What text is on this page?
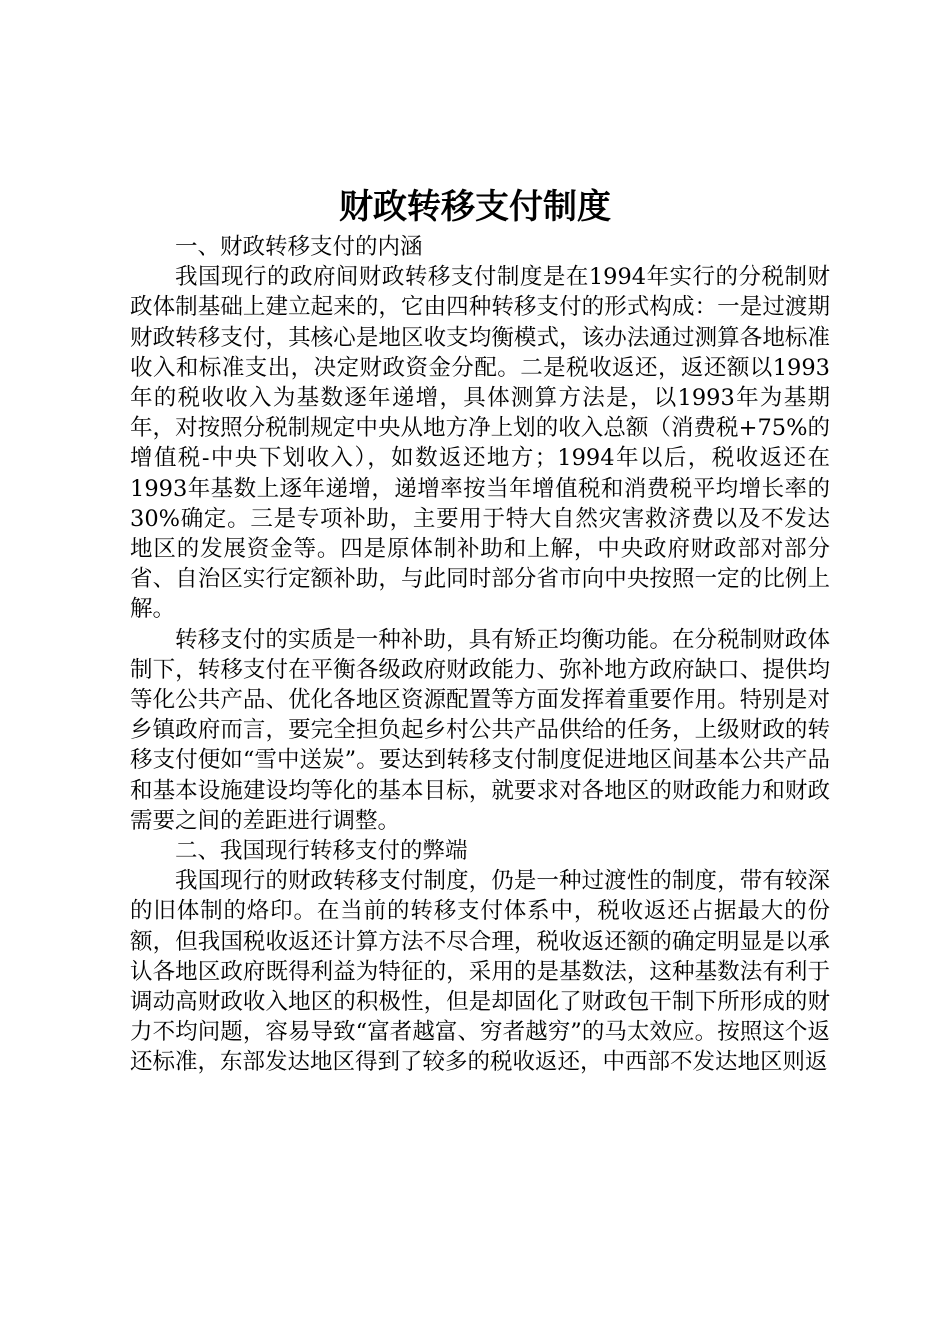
财政转移支付制度

一、财政转移支付的内涵

我国现行的政府间财政转移支付制度是在1994年实行的分税制财政体制基础上建立起来的，它由四种转移支付的形式构成：一是过渡期财政转移支付，其核心是地区收支均衡模式，该办法通过测算各地标准收入和标准支出，决定财政资金分配。二是税收返还，返还额以1993年的税收收入为基数逐年递增，具体测算方法是，以1993年为基期年，对按照分税制规定中央从地方净上划的收入总额（消费税+75%的增值税-中央下划收入），如数返还地方；1994年以后，税收返还在1993年基数上逐年递增，递增率按当年增值税和消费税平均增长率的30%确定。三是专项补助，主要用于特大自然灾害救济费以及不发达地区的发展资金等。四是原体制补助和上解，中央政府财政部对部分省、自治区实行定额补助，与此同时部分省市向中央按照一定的比例上解。

转移支付的实质是一种补助，具有矫正均衡功能。在分税制财政体制下，转移支付在平衡各级政府财政能力、弥补地方政府缺口、提供均等化公共产品、优化各地区资源配置等方面发挥着重要作用。特别是对乡镇政府而言，要完全担负起乡村公共产品供给的任务，上级财政的转移支付便如“雪中送炭”。要达到转移支付制度促进地区间基本公共产品和基本设施建设均等化的基本目标，就要求对各地区的财政能力和财政需要之间的差距进行调整。

二、我国现行转移支付的弊端

我国现行的财政转移支付制度，仍是一种过渡性的制度，带有较深的旧体制的烙印。在当前的转移支付体系中，税收返还占据最大的份额，但我国税收返还计算方法不尽合理，税收返还额的确定明显是以承认各地区政府既得利益为特征的，采用的是基数法，这种基数法有利于调动高财政收入地区的积极性，但是却固化了财政包干制下所形成的财力不均问题，容易导致“富者越富、穷者越穷”的马太效应。按照这个返还标准，东部发达地区得到了较多的税收返还，中西部不发达地区则返
